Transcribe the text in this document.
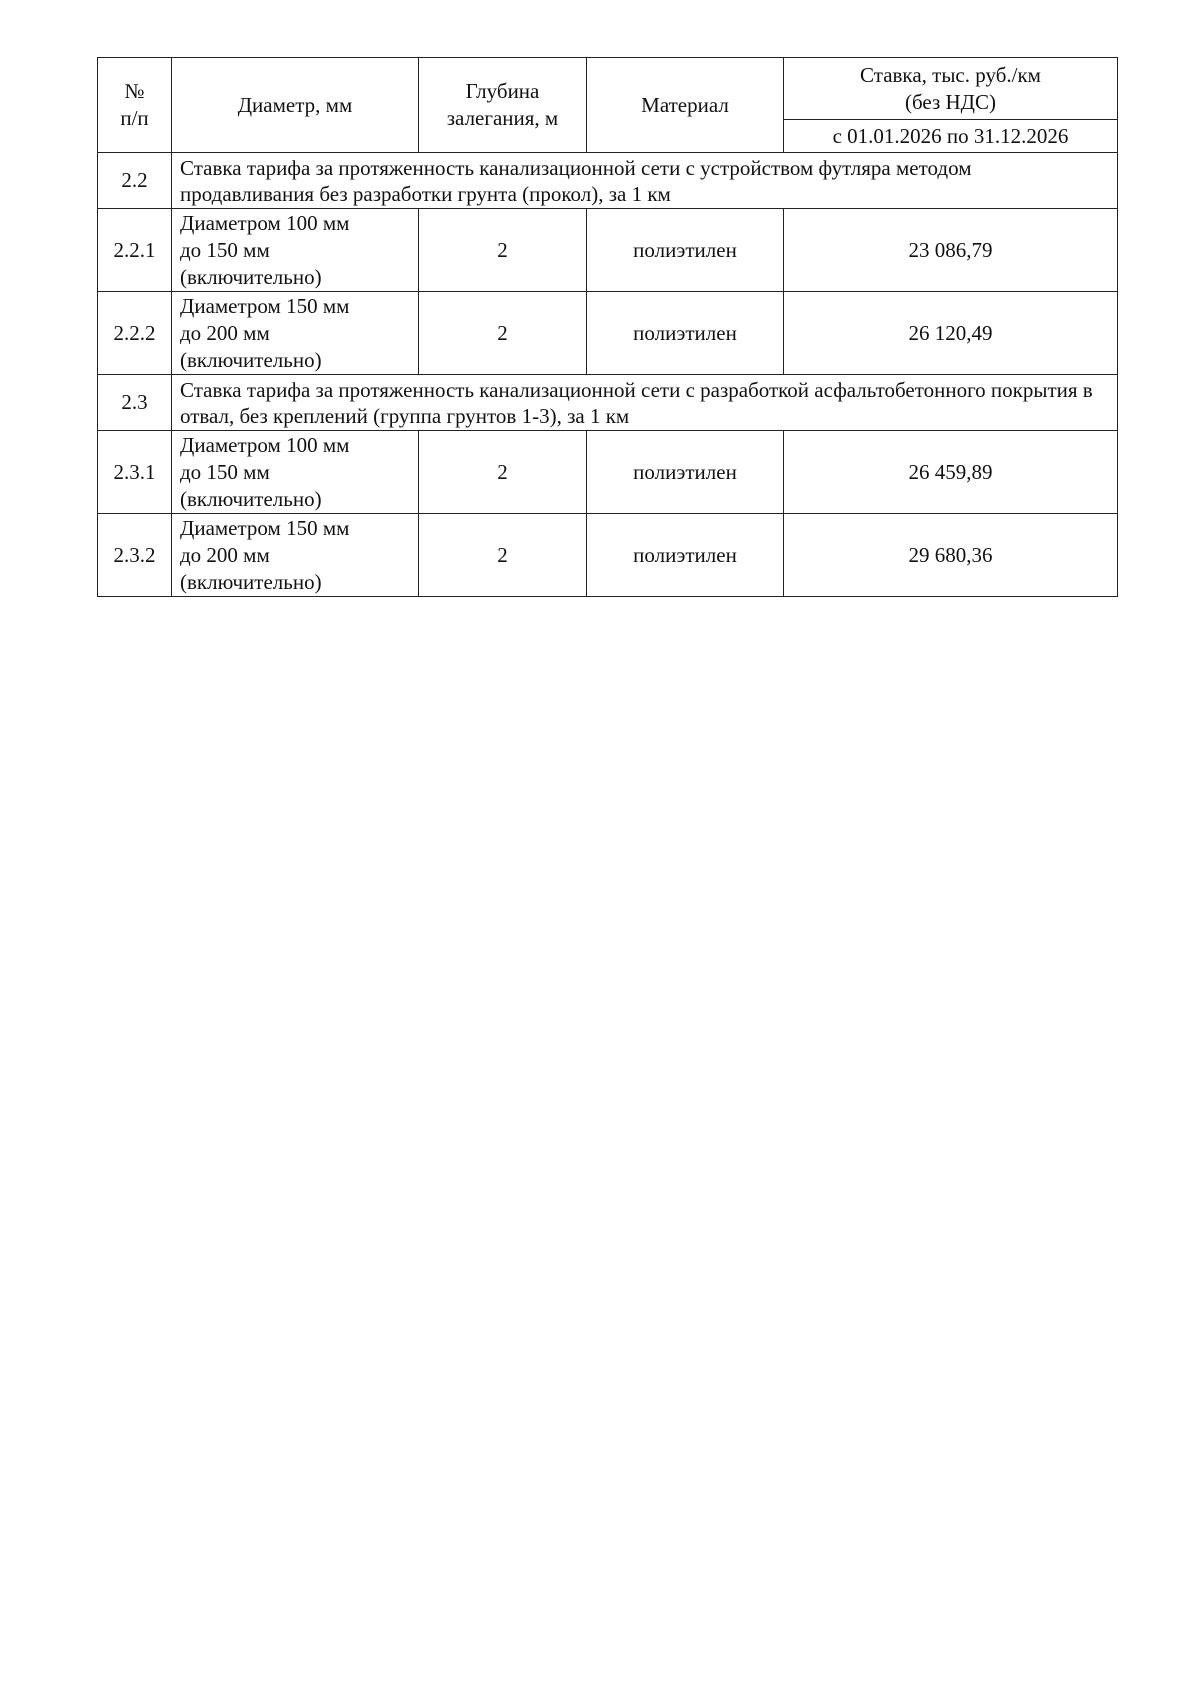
№
п/п	Диаметр, мм	Глубина
залегания, м	Материал	Ставка, тыс. руб./км
(без НДС)

				с 01.01.2026 по 31.12.2026
2.2	Ставка тарифа за протяженность канализационной сети с устройством футляра методом продавливания без разработки грунта (прокол), за 1 км			
2.2.1	Диаметром 100 мм
до 150 мм
(включительно)	2	полиэтилен	23 086,79
2.2.2	Диаметром 150 мм
до 200 мм
(включительно)	2	полиэтилен	26 120,49
2.3	Ставка тарифа за протяженность канализационной сети с разработкой асфальтобетонного покрытия в отвал, без креплений (группа грунтов 1-3), за 1 км			
2.3.1	Диаметром 100 мм
до 150 мм
(включительно)	2	полиэтилен	26 459,89
2.3.2	Диаметром 150 мм
до 200 мм
(включительно)	2	полиэтилен	29 680,36
